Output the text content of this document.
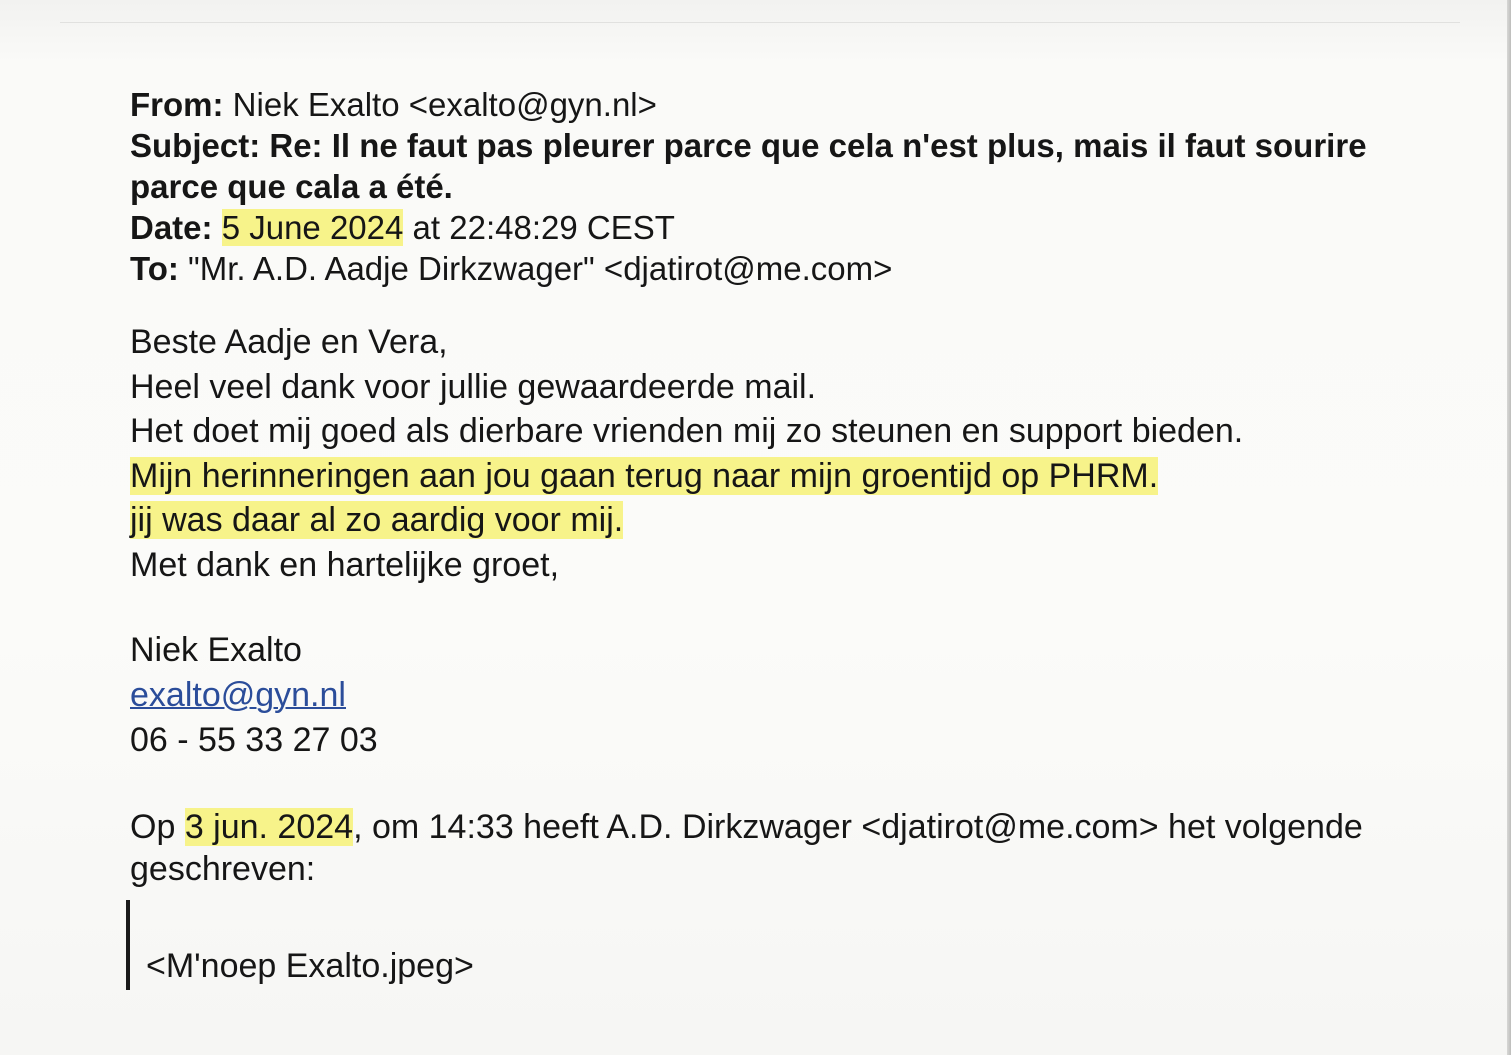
From: Niek Exalto <exalto@gyn.nl>
Subject: Re: Il ne faut pas pleurer parce que cela n'est plus, mais il faut sourire parce que cala a été.
Date: 5 June 2024 at 22:48:29 CEST
To: "Mr. A.D. Aadje Dirkzwager" <djatirot@me.com>
Beste Aadje en Vera,
Heel veel dank voor jullie gewaardeerde mail.
Het doet mij goed als dierbare vrienden mij zo steunen en support bieden.
Mijn herinneringen aan jou gaan terug naar mijn groentijd op PHRM.
jij was daar al zo aardig voor mij.
Met dank en hartelijke groet,
Niek Exalto
exalto@gyn.nl
06 - 55 33 27 03
Op 3 jun. 2024, om 14:33 heeft A.D. Dirkzwager <djatirot@me.com> het volgende geschreven:
<M'noep Exalto.jpeg>
